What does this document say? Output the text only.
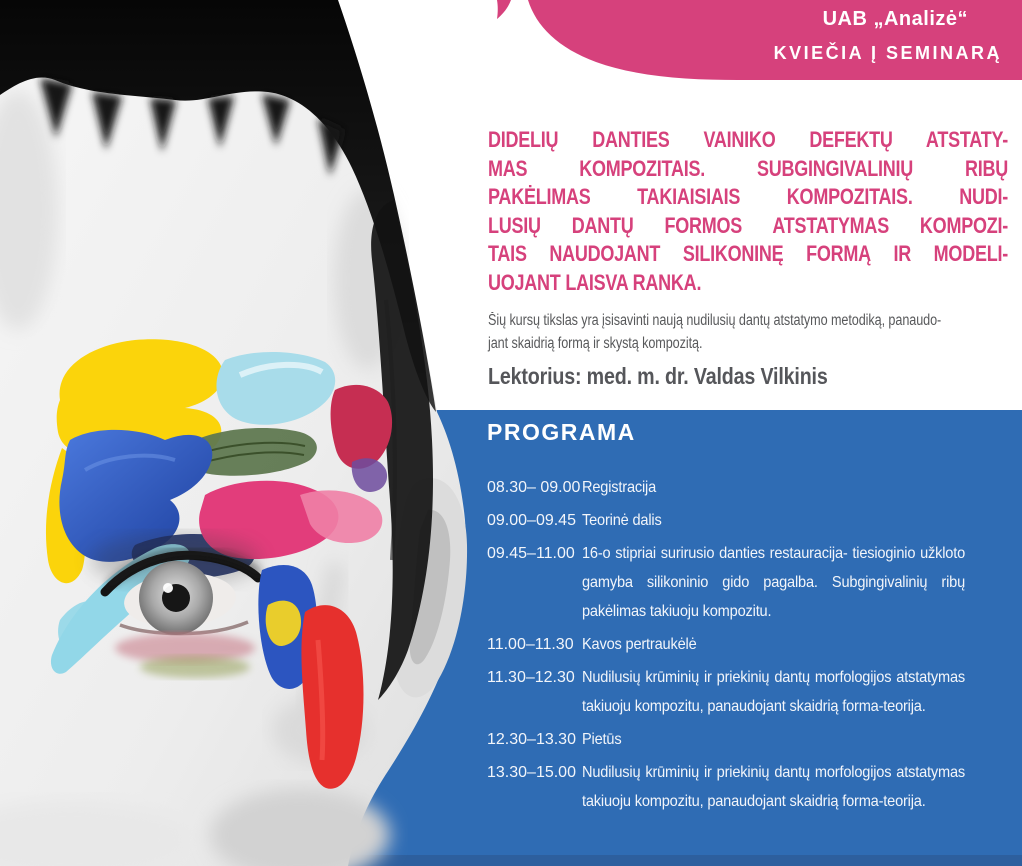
UAB „Analizė“
KVIEČIA Į SEMINARĄ
DIDELIŲ DANTIES VAINIKO DEFEKTŲ ATSTATY-
MAS KOMPOZITAIS. SUBGINGIVALINIŲ RIBŲ
PAKĖLIMAS TAKIAISIAIS KOMPOZITAIS. NUDI-
LUSIŲ DANTŲ FORMOS ATSTATYMAS KOMPOZI-
TAIS NAUDOJANT SILIKONINĘ FORMĄ IR MODELI-
UOJANT LAISVA RANKA.
Šių kursų tikslas yra įsisavinti naują nudilusių dantų atstatymo metodiką, panaudo-
jant skaidrią formą ir skystą kompozitą.
Lektorius: med. m. dr. Valdas Vilkinis
PROGRAMA
08.30– 09.00 Registracija
09.00–09.45 Teorinė dalis
09.45–11.00 16-o stipriai surirusio danties restauracija- tiesioginio užkloto gamyba silikoninio gido pagalba. Subgingivalinių ribų pakėlimas takiuoju kompozitu.
11.00–11.30 Kavos pertraukėlė
11.30–12.30 Nudilusių krūminių ir priekinių dantų morfologijos atstatymas takiuoju kompozitu, panaudojant skaidrią forma-teorija.
12.30–13.30 Pietūs
13.30–15.00 Nudilusių krūminių ir priekinių dantų morfologijos atstatymas takiuoju kompozitu, panaudojant skaidrią forma-teorija.
